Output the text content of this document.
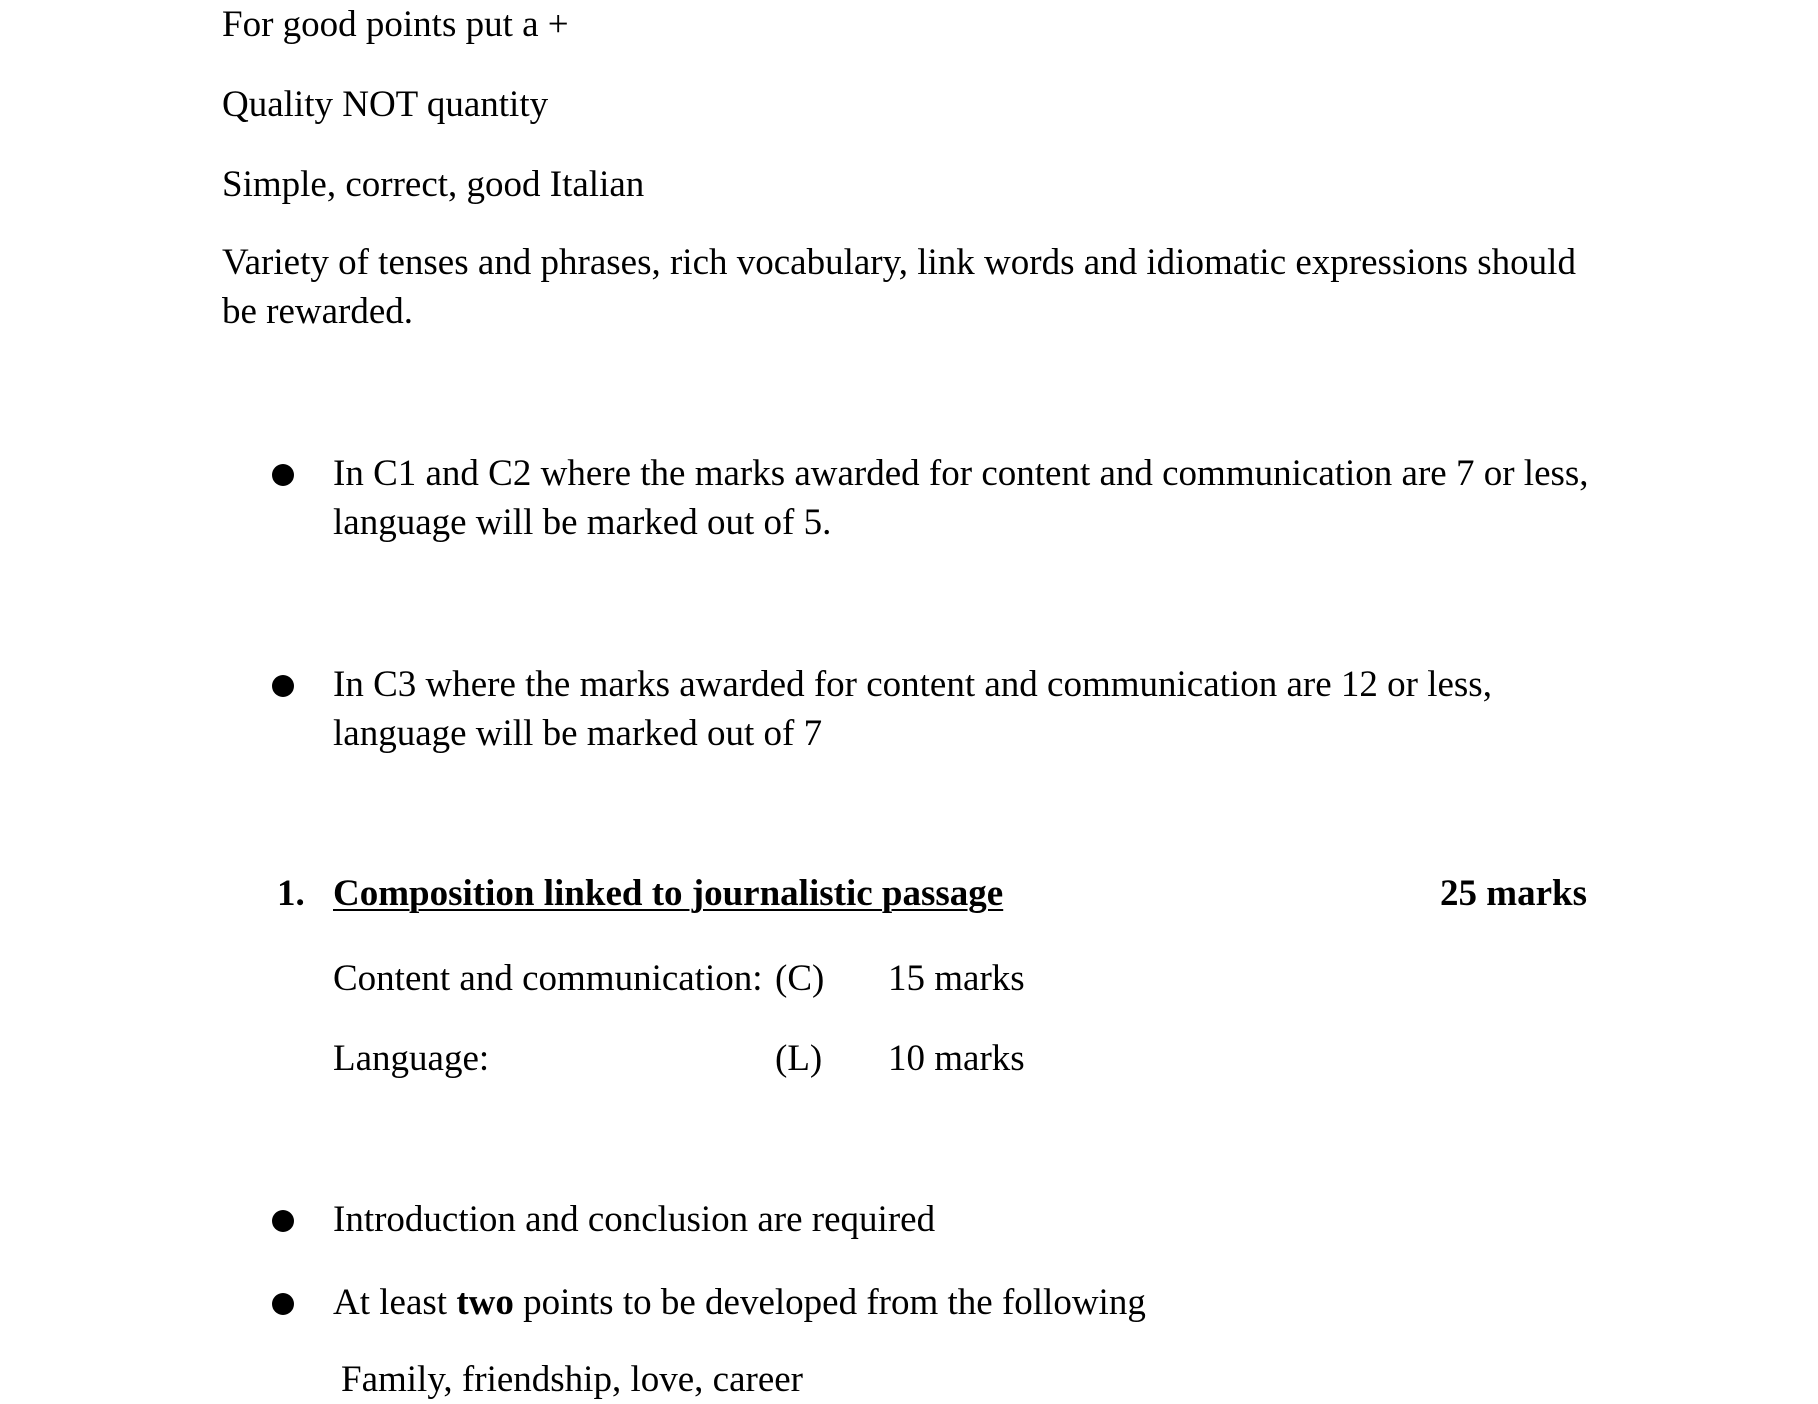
For good points put a +
Quality NOT quantity
Simple, correct, good Italian
Variety of tenses and phrases, rich vocabulary, link words and idiomatic expressions should
be rewarded.
In C1 and C2 where the marks awarded for content and communication are 7 or less,
language will be marked out of 5.
In C3 where the marks awarded for content and communication are 12 or less,
language will be marked out of 7
1. Composition linked to journalistic passage	25 marks
Content and communication: (C) 15 marks
Language:	(L) 10 marks
Introduction and conclusion are required
At least two points to be developed from the following
Family, friendship, love, career
